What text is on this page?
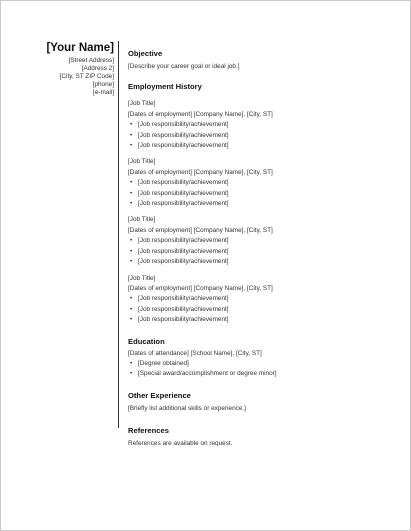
[Your Name]
[Street Address]
[Address 2]
[City, ST ZIP Code]
[phone]
[e-mail]
Objective
[Describe your career goal or ideal job.]
Employment History
[Job Title]
[Dates of employment] [Company Name], [City, ST]
• [Job responsibility/achievement]
• [Job responsibility/achievement]
• [Job responsibility/achievement]
[Job Title]
[Dates of employment] [Company Name], [City, ST]
• [Job responsibility/achievement]
• [Job responsibility/achievement]
• [Job responsibility/achievement]
[Job Title]
[Dates of employment] [Company Name], [City, ST]
• [Job responsibility/achievement]
• [Job responsibility/achievement]
• [Job responsibility/achievement]
[Job Title]
[Dates of employment] [Company Name], [City, ST]
• [Job responsibility/achievement]
• [Job responsibility/achievement]
• [Job responsibility/achievement]
Education
[Dates of attendance] [School Name], [City, ST]
• [Degree obtained]
• [Special award/accomplishment or degree minor]
Other Experience
[Briefly list additional skills or experience.]
References
References are available on request.
